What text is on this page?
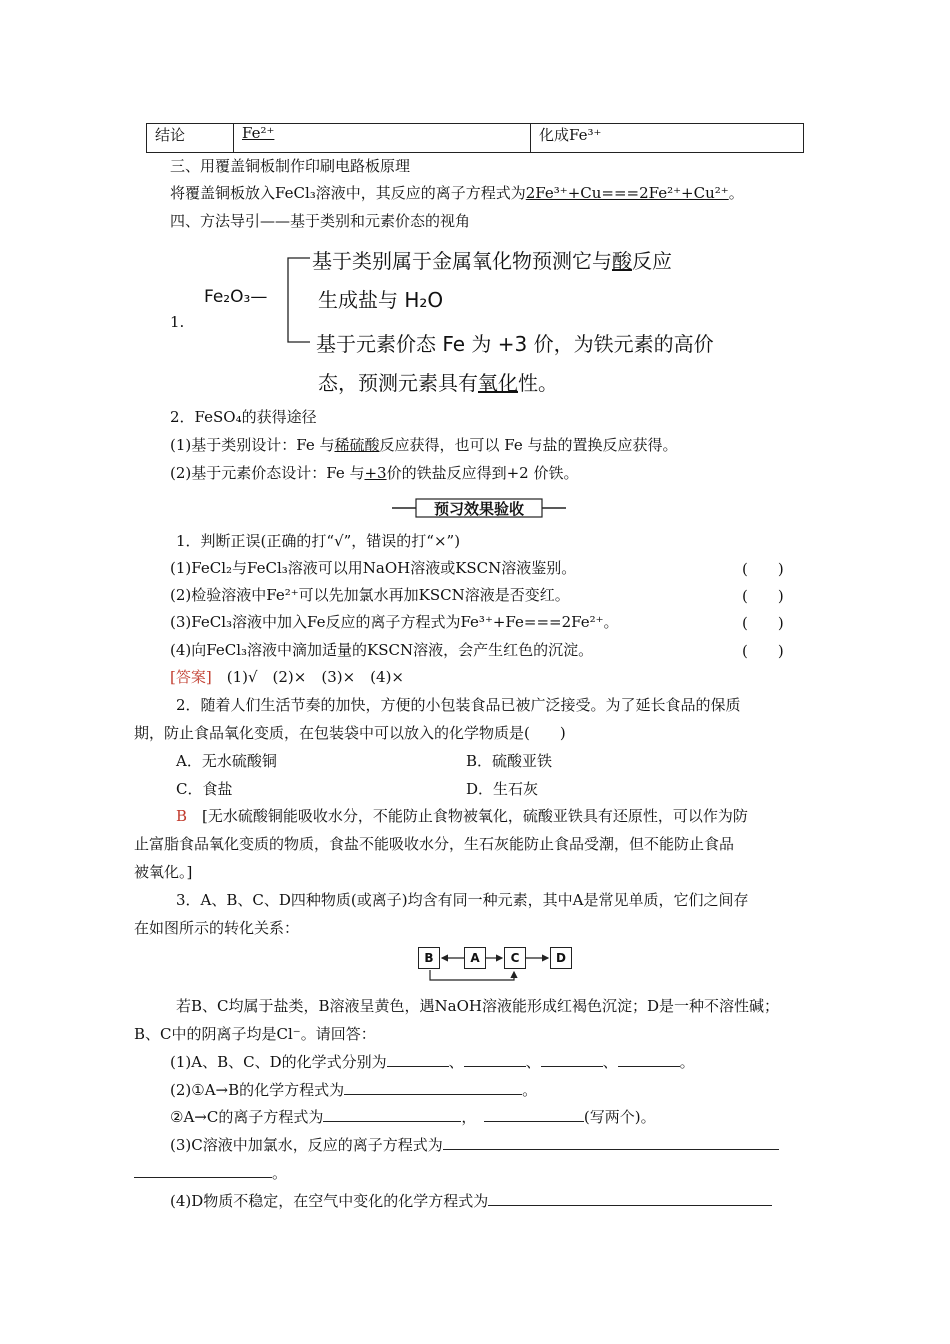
结论	Fe²⁺	化成Fe³⁺
三、用覆盖铜板制作印刷电路板原理
将覆盖铜板放入FeCl₃溶液中，其反应的离子方程式为2Fe³⁺+Cu===2Fe²⁺+Cu²⁺。
四、方法导引——基于类别和元素价态的视角
1.
Fe₂O₃—
基于类别属于金属氧化物预测它与酸反应
生成盐与 H₂O
基于元素价态 Fe 为 +3 价，为铁元素的高价
态，预测元素具有氧化性。
2．FeSO₄的获得途径
(1)基于类别设计：Fe 与稀硫酸反应获得，也可以 Fe 与盐的置换反应获得。
(2)基于元素价态设计：Fe 与+3价的铁盐反应得到+2 价铁。
预习效果验收
1．判断正误(正确的打“√”，错误的打“×”)
(1)FeCl₂与FeCl₃溶液可以用NaOH溶液或KSCN溶液鉴别。	(　　)
(2)检验溶液中Fe²⁺可以先加氯水再加KSCN溶液是否变红。	(　　)
(3)FeCl₃溶液中加入Fe反应的离子方程式为Fe³⁺+Fe===2Fe²⁺。	(　　)
(4)向FeCl₃溶液中滴加适量的KSCN溶液，会产生红色的沉淀。	(　　)
[答案]　 (1)√　(2)×　(3)×　(4)×
2．随着人们生活节奏的加快，方便的小包装食品已被广泛接受。为了延长食品的保质
期，防止食品氧化变质，在包装袋中可以放入的化学物质是(　　)
A．无水硫酸铜	B．硫酸亚铁
C．食盐	D．生石灰
B　 [无水硫酸铜能吸收水分，不能防止食物被氧化，硫酸亚铁具有还原性，可以作为防
止富脂食品氧化变质的物质，食盐不能吸收水分，生石灰能防止食品受潮，但不能防止食品
被氧化。]
3．A、B、C、D四种物质(或离子)均含有同一种元素，其中A是常见单质，它们之间存
在如图所示的转化关系：
B	A	C	D
若B、C均属于盐类，B溶液呈黄色，遇NaOH溶液能形成红褐色沉淀；D是一种不溶性碱；
B、C中的阴离子均是Cl⁻。请回答：
(1)A、B、C、D的化学式分别为	、	、	、	。
(2)①A→B的化学方程式为	。
②A→C的离子方程式为	，　	(写两个)。
(3)C溶液中加氯水，反应的离子方程式为
。
(4)D物质不稳定，在空气中变化的化学方程式为
